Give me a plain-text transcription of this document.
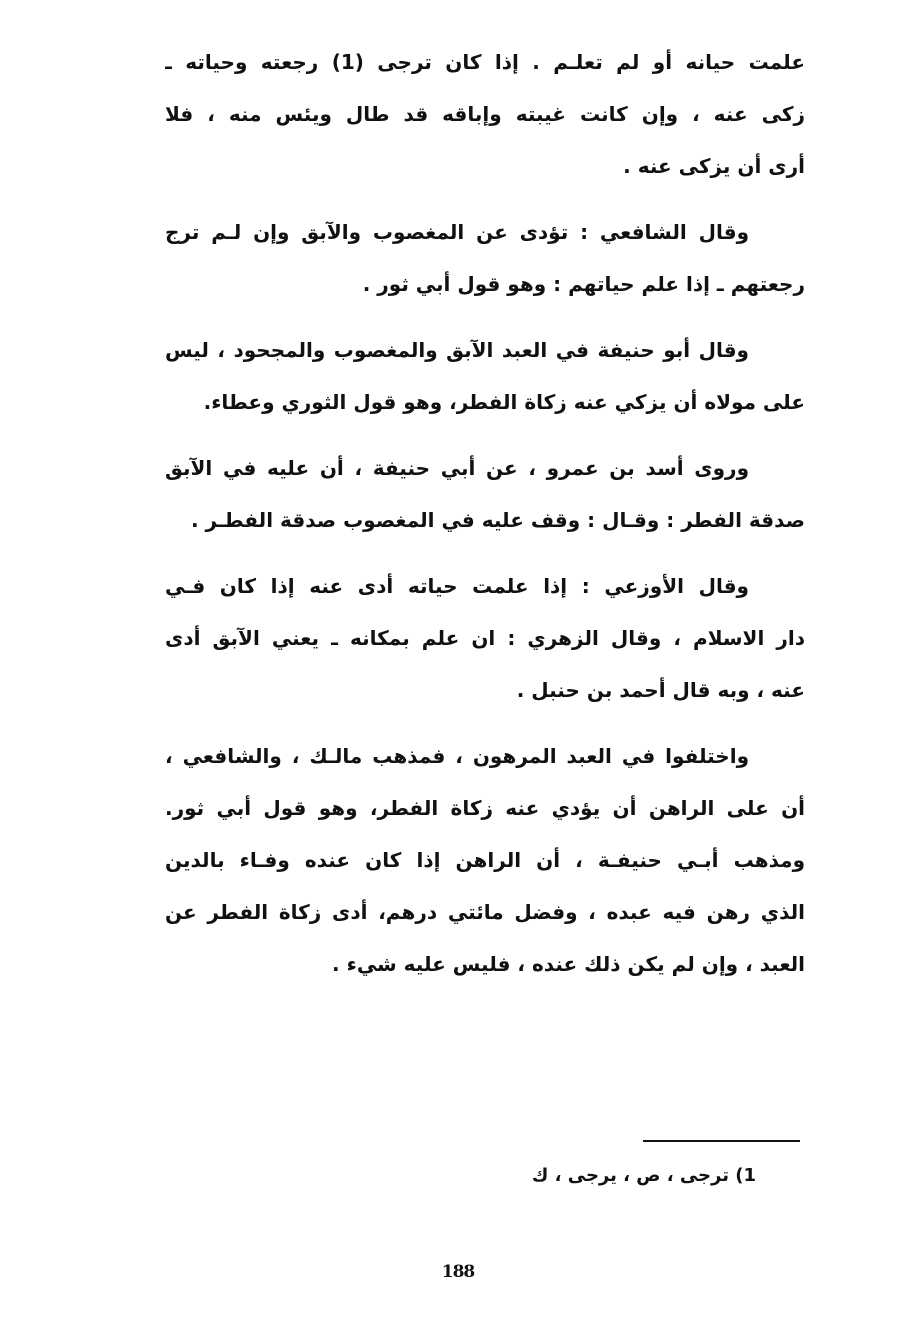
علمت حيانه أو لم تعلـم . إذا كان ترجى (1) رجعته وحياته ـ
زكى عنه ، وإن كانت غيبته وإباقه قد طال ويئس منه ، فلا
أرى أن يزكى عنه .

وقال الشافعي : تؤدى عن المغصوب والآبق وإن لـم ترج
رجعتهم ـ إذا علم حياتهم : وهو قول أبي ثور .

وقال أبو حنيفة في العبد الآبق والمغصوب والمجحود ، ليس
على مولاه أن يزكي عنه زكاة الفطر، وهو قول الثوري وعطاء.

وروى أسد بن عمرو ، عن أبي حنيفة ، أن عليه في الآبق
صدقة الفطر : وقـال : وقف عليه في المغصوب صدقة الفطـر .

وقال الأوزعي : إذا علمت حياته أدى عنه إذا كان فـي
دار الاسلام ، وقال الزهري : ان علم بمكانه ـ يعني الآبق أدى
عنه ، وبه قال أحمد بن حنبل .

واختلفوا في العبد المرهون ، فمذهب مالـك ، والشافعي ،
أن على الراهن أن يؤدي عنه زكاة الفطر، وهو قول أبي ثور.
ومذهب أبـي حنيفـة ، أن الراهن إذا كان عنده وفـاء بالدين
الذي رهن فيه عبده ، وفضل مائتي درهم، أدى زكاة الفطر عن
العبد ، وإن لم يكن ذلك عنده ، فليس عليه شيء .

1) ترجى ، ص ، يرجى ، ك
188
